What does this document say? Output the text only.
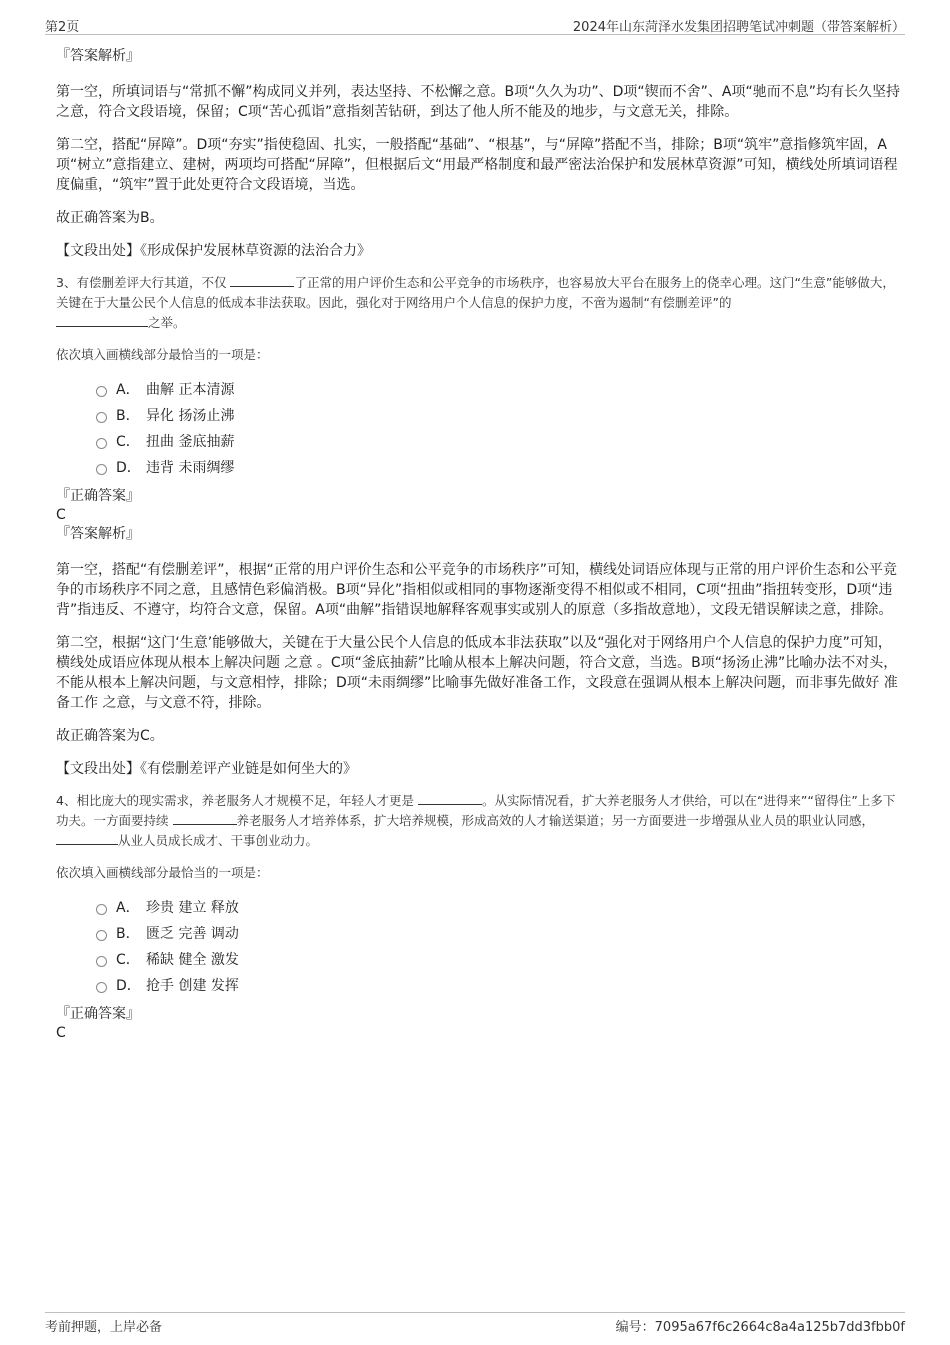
第2页	2024年山东菏泽水发集团招聘笔试冲刺题（带答案解析）

『答案解析』

第一空，所填词语与“常抓不懈”构成同义并列，表达坚持、不松懈之意。B项“久久为功”、D项“锲而不舍”、A项“驰而不息”均有长久坚持之意，符合文段语境，保留；C项“苦心孤诣”意指刻苦钻研，到达了他人所不能及的地步，与文意无关，排除。

第二空，搭配“屏障”。D项“夯实”指使稳固、扎实，一般搭配“基础”、“根基”，与“屏障”搭配不当，排除；B项“筑牢”意指修筑牢固，A项“树立”意指建立、建树，两项均可搭配“屏障”，但根据后文“用最严格制度和最严密法治保护和发展林草资源”可知，横线处所填词语程度偏重，“筑牢”置于此处更符合文段语境，当选。

故正确答案为B。

【文段出处】《形成保护发展林草资源的法治合力》

3、有偿删差评大行其道，不仅	了正常的用户评价生态和公平竞争的市场秩序，也容易放大平台在服务上的侥幸心理。这门“生意”能够做大，关键在于大量公民个人信息的低成本非法获取。因此，强化对于网络用户个人信息的保护力度，不啻为遏制“有偿删差评”的
之举。

依次填入画横线部分最恰当的一项是：

A． 曲解 正本清源
B． 异化 扬汤止沸
C． 扭曲 釜底抽薪
D． 违背 未雨绸缪

『正确答案』

C

『答案解析』

第一空，搭配“有偿删差评”，根据“正常的用户评价生态和公平竞争的市场秩序”可知，横线处词语应体现与正常的用户评价生态和公平竞争的市场秩序不同之意，且感情色彩偏消极。B项“异化”指相似或相同的事物逐渐变得不相似或不相同，C项“扭曲”指扭转变形，D项“违背”指违反、不遵守，均符合文意，保留。A项“曲解”指错误地解释客观事实或别人的原意（多指故意地），文段无错误解读之意，排除。

第二空，根据“这门‘生意’能够做大，关键在于大量公民个人信息的低成本非法获取”以及“强化对于网络用户个人信息的保护力度”可知，横线处成语应体现从根本上解决问题 之意 。C项“釜底抽薪”比喻从根本上解决问题，符合文意，当选。B项“扬汤止沸”比喻办法不对头，不能从根本上解决问题，与文意相悖，排除；D项“未雨绸缪”比喻事先做好准备工作，文段意在强调从根本上解决问题，而非事先做好 准备工作 之意，与文意不符，排除。

故正确答案为C。

【文段出处】《有偿删差评产业链是如何坐大的》

4、相比庞大的现实需求，养老服务人才规模不足，年轻人才更是	。从实际情况看，扩大养老服务人才供给，可以在“进得来”“留得住”上多下功夫。一方面要持续	养老服务人才培养体系，扩大培养规模，形成高效的人才输送渠道；另一方面要进一步增强从业人员的职业认同感， 从业人员成长成才、干事创业动力。

依次填入画横线部分最恰当的一项是：

A． 珍贵 建立 释放
B． 匮乏 完善 调动
C． 稀缺 健全 激发
D． 抢手 创建 发挥

『正确答案』

C

考前押题，上岸必备	编号：7095a67f6c2664c8a4a125b7dd3fbb0f
